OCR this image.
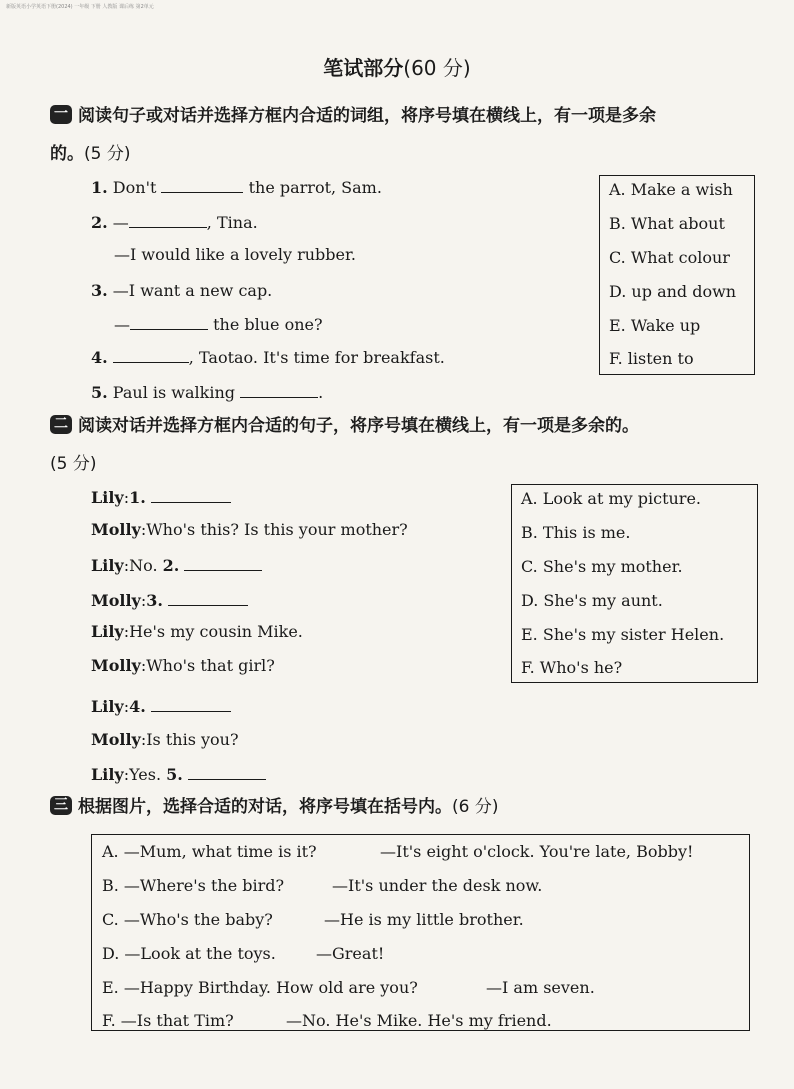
新版英语小学英语下册(2024) 一年级 下册 人教版 课后练 第2单元
笔试部分(60 分)
一 阅读句子或对话并选择方框内合适的词组，将序号填在横线上，有一项是多余
的。(5 分)
1. Don't	the parrot, Sam.
2. —	, Tina.
—I would like a lovely rubber.
3. —I want a new cap.
—	the blue one?
4.	, Taotao. It's time for breakfast.
5. Paul is walking	.
A. Make a wish
B. What about
C. What colour
D. up and down
E. Wake up
F. listen to
二 阅读对话并选择方框内合适的句子，将序号填在横线上，有一项是多余的。
(5 分)
Lily:1.
Molly:Who's this? Is this your mother?
Lily:No. 2.
Molly:3.
Lily:He's my cousin Mike.
Molly:Who's that girl?
Lily:4.
Molly:Is this you?
Lily:Yes. 5.
A. Look at my picture.
B. This is me.
C. She's my mother.
D. She's my aunt.
E. She's my sister Helen.
F. Who's he?
三 根据图片，选择合适的对话，将序号填在括号内。(6 分)
A. —Mum, what time is it?	—It's eight o'clock. You're late, Bobby!
B. —Where's the bird?	—It's under the desk now.
C. —Who's the baby?	—He is my little brother.
D. —Look at the toys.	—Great!
E. —Happy Birthday. How old are you?	—I am seven.
F. —Is that Tim?	—No. He's Mike. He's my friend.
